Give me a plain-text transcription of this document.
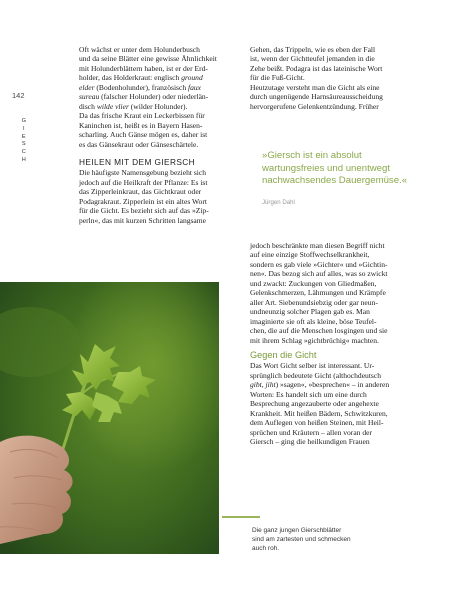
142
G
I
E
S
C
H

Oft wächst er unter dem Holunderbusch
und da seine Blätter eine gewisse Ähnlichkeit
mit Holunderblättern haben, ist er der Erd-
holder, das Holderkraut: englisch ground
elder (Bodenholunder), französisch faux
sureau (falscher Holunder) oder niederlän-
disch wilde vlier (wilder Holunder).
Da das frische Kraut ein Leckerbissen für
Kaninchen ist, heißt es in Bayern Hasen-
scharling. Auch Gänse mögen es, daher ist
es das Gänsekraut oder Gänseschärtele.

HEILEN MIT DEM GIERSCH

Die häufigste Namensgebung bezieht sich
jedoch auf die Heilkraft der Pflanze: Es ist
das Zipperleinkraut, das Gichtkraut oder
Podagrakraut. Zipperlein ist ein altes Wort
für die Gicht. Es bezieht sich auf das »Zip-
perln«, das mit kurzen Schritten langsame

Gehen, das Trippeln, wie es eben der Fall
ist, wenn der Gichtteufel jemanden in die
Zehe beißt. Podagra ist das lateinische Wort
für die Fuß-Gicht.
Heutzutage versteht man die Gicht als eine
durch ungenügende Harnsäureausscheidung
hervorgerufene Gelenkentzündung. Früher

»Giersch ist ein absolut
wartungsfreies und unentwegt
nachwachsendes Dauergemüse.«

Jürgen Dahl

jedoch beschränkte man diesen Begriff nicht
auf eine einzige Stoffwechselkrankheit,
sondern es gab viele »Gichter« und »Gichtin-
nen«. Das bezog sich auf alles, was so zwickt
und zwackt: Zuckungen von Gliedmaßen,
Gelenkschmerzen, Lähmungen und Krämpfe
aller Art. Siebenundsiebzig oder gar neun-
undneunzig solcher Plagen gab es. Man
imaginierte sie oft als kleine, böse Teufel-
chen, die auf die Menschen losgingen und sie
mit ihrem Schlag »gichtbrüchig« machten.

Gegen die Gicht

Das Wort Gicht selber ist interessant. Ur-
sprünglich bedeutete Gicht (althochdeutsch
gibt, jiht) »sagen«, »besprechen« – in anderen
Worten: Es handelt sich um eine durch
Besprechung angezauberte oder angehexte
Krankheit. Mit heißen Bädern, Schwitzkuren,
dem Auflegen von heißen Steinen, mit Heil-
sprüchen und Kräutern – allen voran der
Giersch – ging die heilkundigen Frauen

Die ganz jungen Gierschblätter
sind am zartesten und schmecken
auch roh.
